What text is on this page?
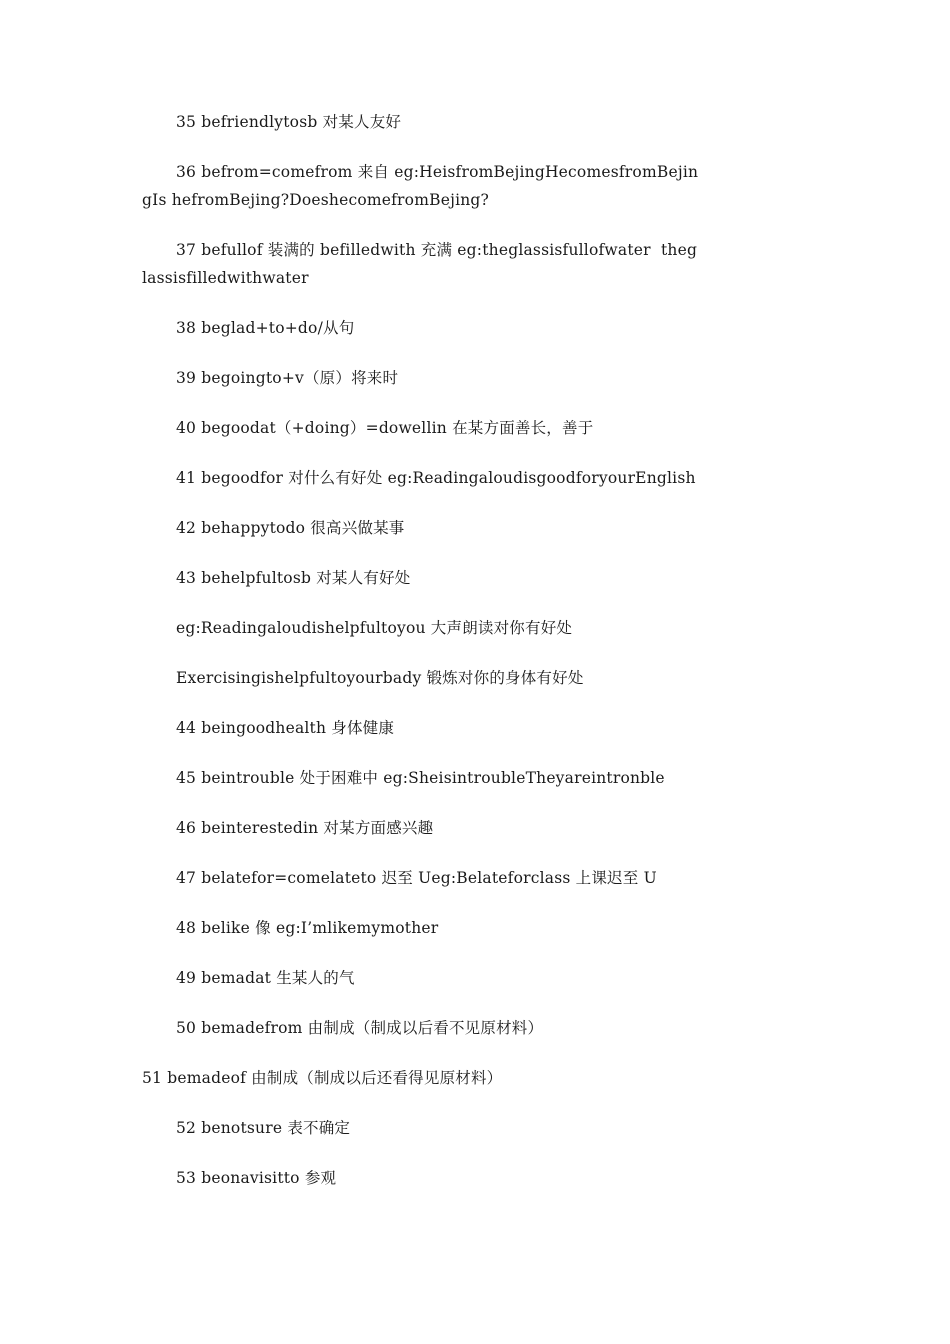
35 befriendlytosb 对某人友好

36 befrom=comefrom 来自 eg:HeisfromBejingHecomesfromBejingIs hefromBejing?DoeshecomefromBejing?

37 befullof 装满的 befilledwith 充满 eg:theglassisfullofwater  theglassisfilledwithwater

38 beglad+to+do/从句

39 begoingto+v（原）将来时

40 begoodat（+doing）=dowellin 在某方面善长，善于

41 begoodfor 对什么有好处 eg:ReadingaloudisgoodforyourEnglish

42 behappytodo 很高兴做某事

43 behelpfultosb 对某人有好处

eg:Readingaloudishelpfultoyou 大声朗读对你有好处

Exercisingishelpfultoyourbady 锻炼对你的身体有好处

44 beingoodhealth 身体健康

45 beintrouble 处于困难中 eg:SheisintroubleTheyareintronble

46 beinterestedin 对某方面感兴趣

47 belatefor=comelateto 迟至 Ueg:Belateforclass 上课迟至 U

48 belike 像 eg:I’mlikemymother

49 bemadat 生某人的气

50 bemadefrom 由制成（制成以后看不见原材料）

51 bemadeof 由制成（制成以后还看得见原材料）

52 benotsure 表不确定

53 beonavisitto 参观
